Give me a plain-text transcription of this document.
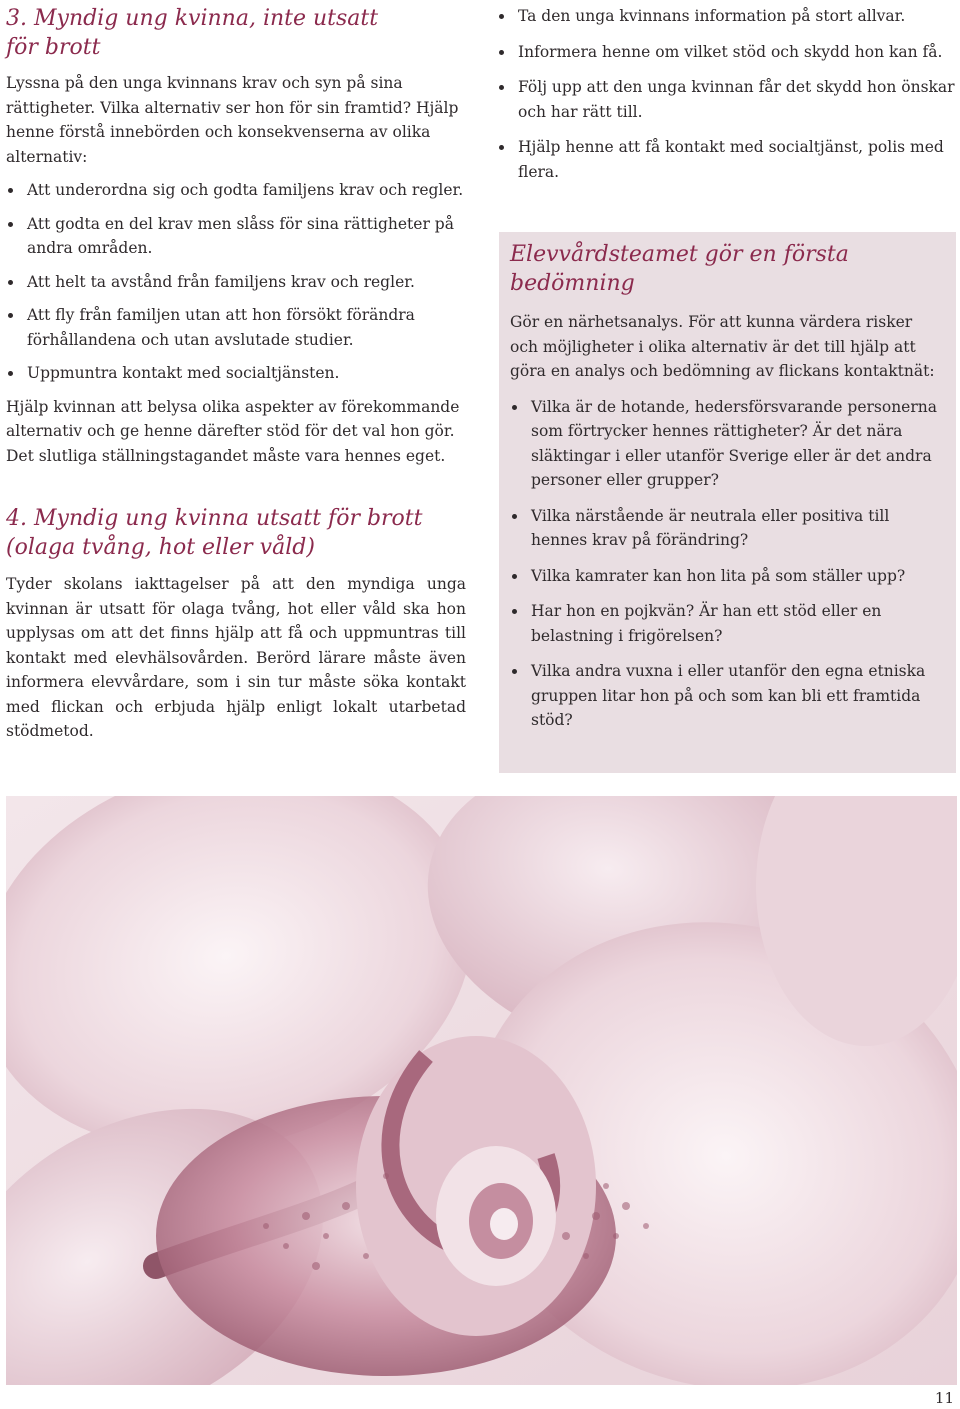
3. Myndig ung kvinna, inte utsatt
för brott

Lyssna på den unga kvinnans krav och syn på sina rättigheter. Vilka alternativ ser hon för sin framtid? Hjälp henne förstå innebörden och konsekvenserna av olika alternativ:

Att underordna sig och godta familjens krav och regler.
Att godta en del krav men slåss för sina rättigheter på andra områden.
Att helt ta avstånd från familjens krav och regler.
Att fly från familjen utan att hon försökt förändra förhållandena och utan avslutade studier.
Uppmuntra kontakt med socialtjänsten.

Hjälp kvinnan att belysa olika aspekter av förekommande alternativ och ge henne därefter stöd för det val hon gör. Det slutliga ställningstagandet måste vara hennes eget.

4. Myndig ung kvinna utsatt för brott
(olaga tvång, hot eller våld)

Tyder skolans iakttagelser på att den myndiga unga kvinnan är utsatt för olaga tvång, hot eller våld ska hon upplysas om att det finns hjälp att få och uppmuntras till kontakt med elevhälsovården. Berörd lärare måste även informera elevvårdare, som i sin tur måste söka kontakt med flickan och erbjuda hjälp enligt lokalt utarbetad stödmetod.

Ta den unga kvinnans information på stort allvar.
Informera henne om vilket stöd och skydd hon kan få.
Följ upp att den unga kvinnan får det skydd hon önskar och har rätt till.
Hjälp henne att få kontakt med socialtjänst, polis med flera.
Elevvårdsteamet gör en första
bedömning

Gör en närhetsanalys. För att kunna värdera risker och möjligheter i olika alternativ är det till hjälp att göra en analys och bedömning av flickans kontaktnät:

Vilka är de hotande, hedersförsvarande personerna som förtrycker hennes rättigheter? Är det nära släktingar i eller utanför Sverige eller är det andra personer eller grupper?
Vilka närstående är neutrala eller positiva till hennes krav på förändring?
Vilka kamrater kan hon lita på som ställer upp?
Har hon en pojkvän? Är han ett stöd eller en belastning i frigörelsen?
Vilka andra vuxna i eller utanför den egna etniska gruppen litar hon på och som kan bli ett framtida stöd?
11
